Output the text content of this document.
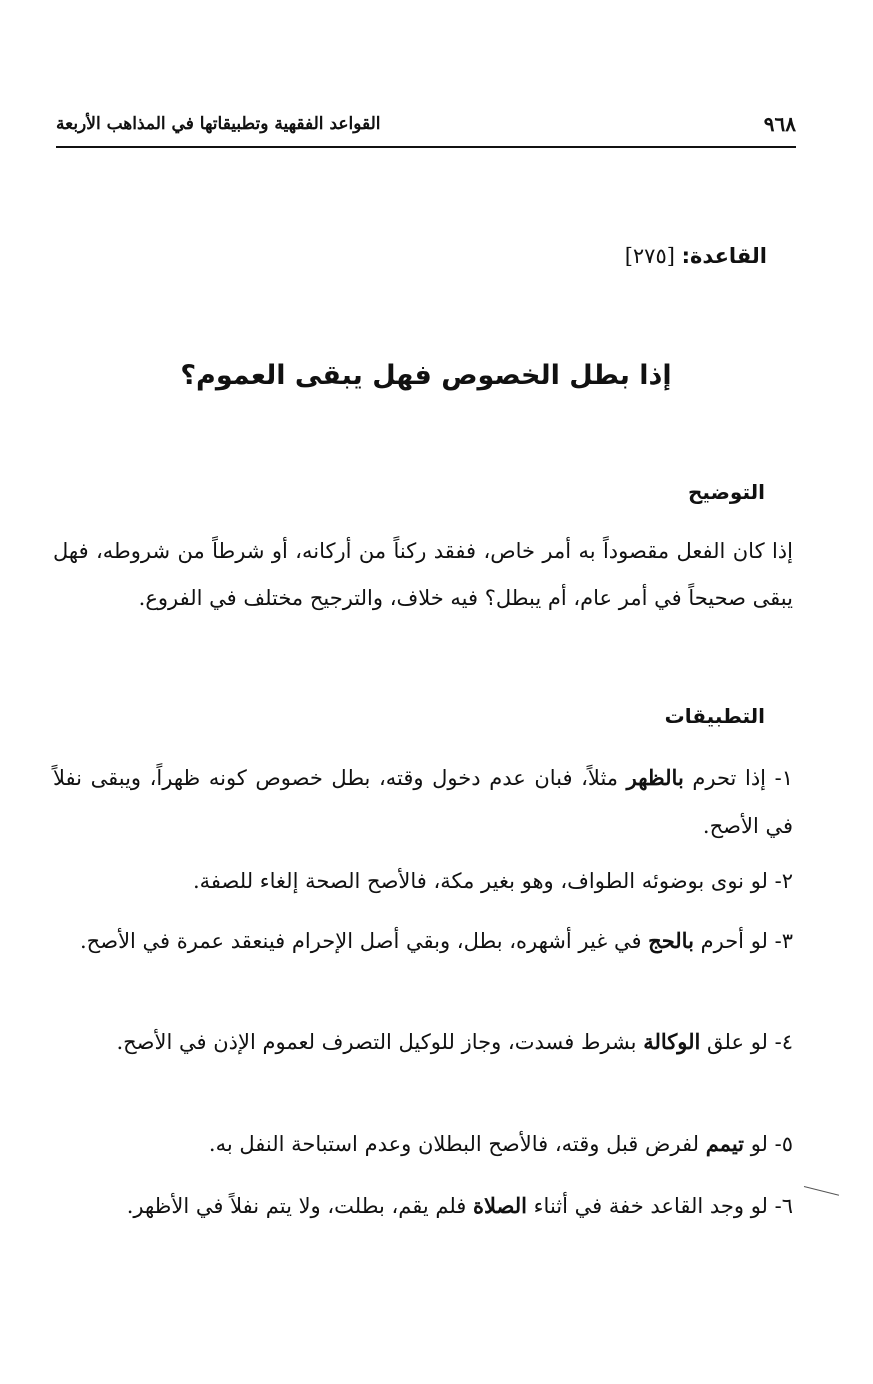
٩٦٨
القواعد الفقهية وتطبيقاتها في المذاهب الأربعة
القاعدة: [٢٧٥]
إذا بطل الخصوص فهل يبقى العموم؟
التوضيح

إذا كان الفعل مقصوداً به أمر خاص، ففقد ركناً من أركانه، أو شرطاً من شروطه، فهل يبقى صحيحاً في أمر عام، أم يبطل؟ فيه خلاف، والترجيح مختلف في الفروع.

التطبيقات

١- إذا تحرم بالظهر مثلاً، فبان عدم دخول وقته، بطل خصوص كونه ظهراً، ويبقى نفلاً في الأصح.

٢- لو نوى بوضوئه الطواف، وهو بغير مكة، فالأصح الصحة إلغاء للصفة.

٣- لو أحرم بالحج في غير أشهره، بطل، وبقي أصل الإحرام فينعقد عمرة في الأصح.

٤- لو علق الوكالة بشرط فسدت، وجاز للوكيل التصرف لعموم الإذن في الأصح.

٥- لو تيمم لفرض قبل وقته، فالأصح البطلان وعدم استباحة النفل به.

٦- لو وجد القاعد خفة في أثناء الصلاة فلم يقم، بطلت، ولا يتم نفلاً في الأظهر.
